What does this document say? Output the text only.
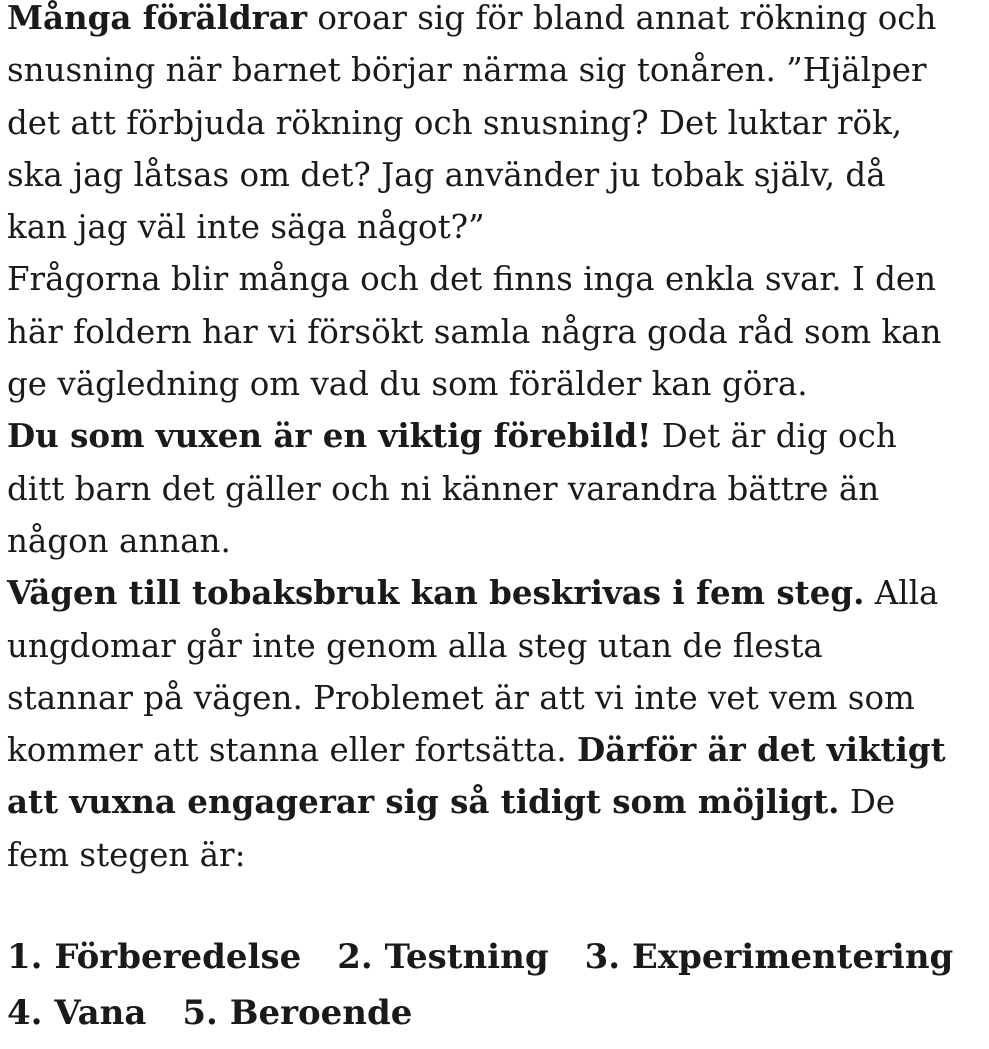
Många föräldrar oroar sig för bland annat rökning och snusning när barnet börjar närma sig tonåren. ”Hjälper det att förbjuda rökning och snusning? Det luktar rök, ska jag låtsas om det? Jag använder ju tobak själv, då kan jag väl inte säga något?”

Frågorna blir många och det finns inga enkla svar. I den här foldern har vi försökt samla några goda råd som kan ge vägledning om vad du som förälder kan göra.

Du som vuxen är en viktig förebild! Det är dig och ditt barn det gäller och ni känner varandra bättre än någon annan.

Vägen till tobaksbruk kan beskrivas i fem steg. Alla ungdomar går inte genom alla steg utan de flesta stannar på vägen. Problemet är att vi inte vet vem som kommer att stanna eller fortsätta. Därför är det viktigt att vuxna engagerar sig så tidigt som möjligt. De fem stegen är:

1. Förberedelse 2. Testning 3. Experimentering
4. Vana 5. Beroende
